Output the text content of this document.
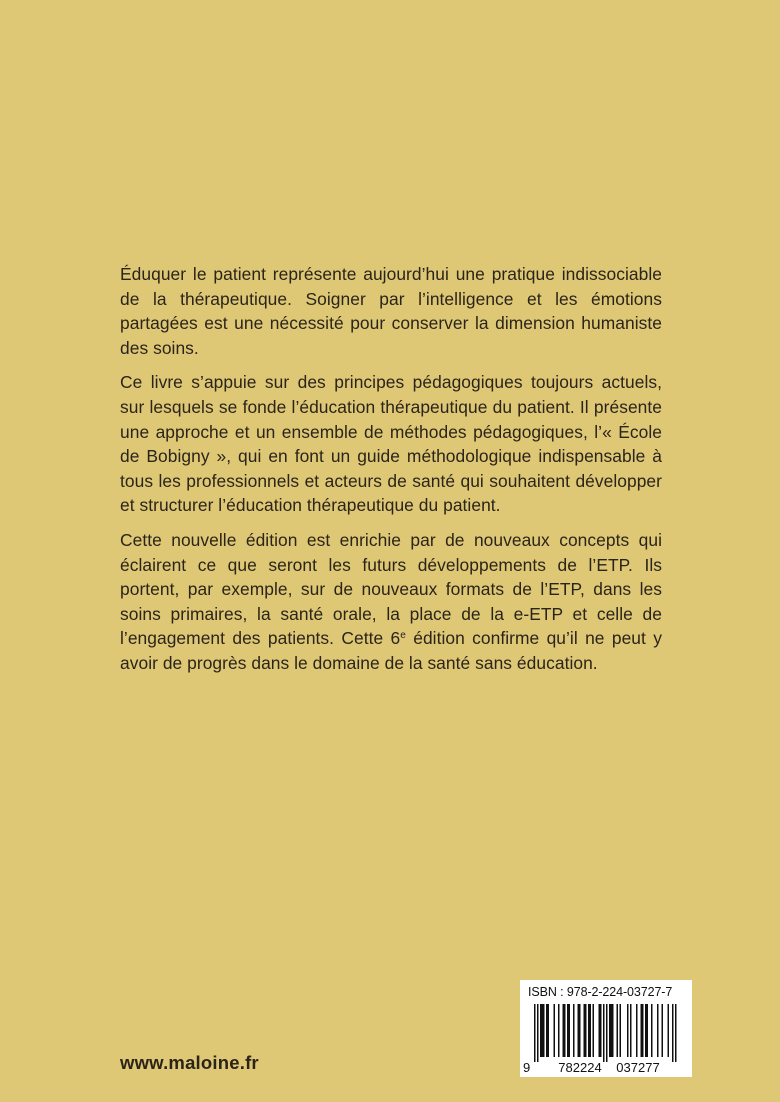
Éduquer le patient représente aujourd’hui une pratique indissociable de la thérapeutique. Soigner par l’intelligence et les émotions partagées est une nécessité pour conserver la dimension humaniste des soins.

Ce livre s’appuie sur des principes pédagogiques toujours actuels, sur lesquels se fonde l’éducation thérapeutique du patient. Il présente une approche et un ensemble de méthodes pédagogiques, l’« École de Bobigny », qui en font un guide méthodologique indispensable à tous les professionnels et acteurs de santé qui souhaitent développer et structurer l’éducation thérapeutique du patient.

Cette nouvelle édition est enrichie par de nouveaux concepts qui éclairent ce que seront les futurs développements de l’ETP. Ils portent, par exemple, sur de nouveaux formats de l’ETP, dans les soins primaires, la santé orale, la place de la e-ETP et celle de l’engagement des patients. Cette 6e édition confirme qu’il ne peut y avoir de progrès dans le domaine de la santé sans éducation.

www.maloine.fr
ISBN : 978-2-224-03727-7
9 782224 037277
